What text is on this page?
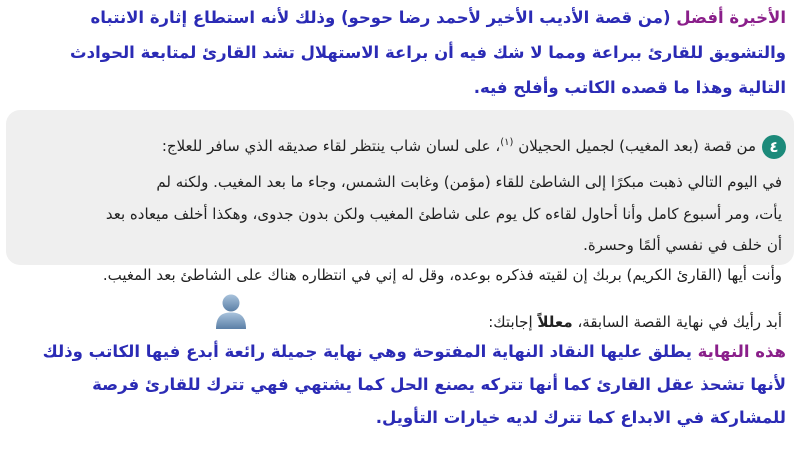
الأخيرة أفضل (من قصة الأديب الأخير لأحمد رضا حوحو) وذلك لأنه استطاع إثارة الانتباه
والتشويق للقارئ ببراعة ومما لا شك فيه أن براعة الاستهلال تشد القارئ لمتابعة الحوادث
التالية وهذا ما قصده الكاتب وأفلح فيه.
٤
من قصة (بعد المغيب) لجميل الحجيلان $^{(١)}$، على لسان شاب ينتظر لقاء صديقه الذي سافر للعلاج:
في اليوم التالي ذهبت مبكرًا إلى الشاطئ للقاء (مؤمن) وغابت الشمس، وجاء ما بعد المغيب. ولكنه لم
يأت، ومر أسبوع كامل وأنا أحاول لقاءه كل يوم على شاطئ المغيب ولكن بدون جدوى، وهكذا أخلف ميعاده بعد
أن خلف في نفسي ألمًا وحسرة.
وأنت أيها (القارئ الكريم) بربك إن لقيته فذكره بوعده، وقل له إني في انتظاره هناك على الشاطئ بعد المغيب.
أبد رأيك في نهاية القصة السابقة، معللاً إجابتك:
هذه النهاية يطلق عليها النقاد النهاية المفتوحة وهي نهاية جميلة رائعة أبدع فيها الكاتب وذلك
لأنها تشحذ عقل القارئ كما أنها تتركه يصنع الحل كما يشتهي فهي تترك للقارئ فرصة
للمشاركة في الابداع كما تترك لديه خيارات التأويل.
